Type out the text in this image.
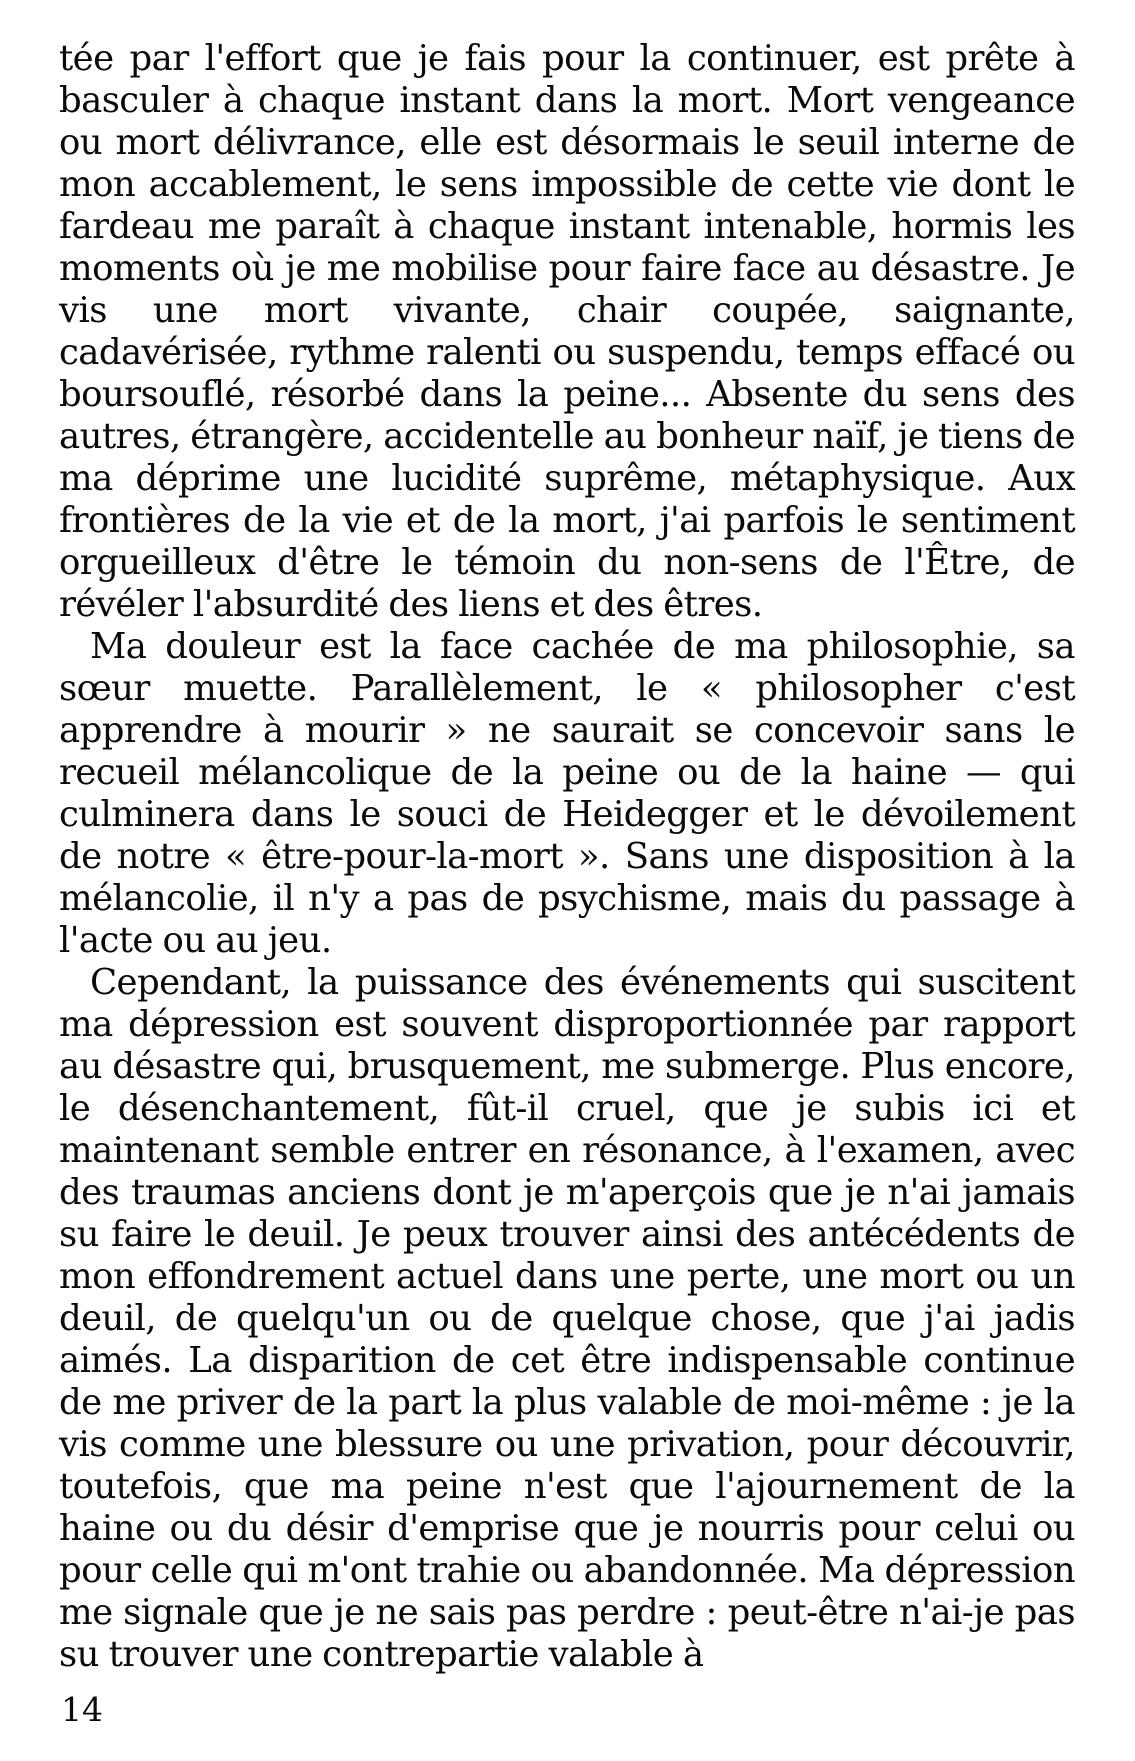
tée par l'effort que je fais pour la continuer, est prête à basculer à chaque instant dans la mort. Mort vengeance ou mort délivrance, elle est désormais le seuil interne de mon accablement, le sens impossible de cette vie dont le fardeau me paraît à chaque instant intenable, hormis les moments où je me mobilise pour faire face au désastre. Je vis une mort vivante, chair coupée, saignante, cadavérisée, rythme ralenti ou suspendu, temps effacé ou boursouflé, résorbé dans la peine... Absente du sens des autres, étrangère, accidentelle au bonheur naïf, je tiens de ma déprime une lucidité suprême, métaphysique. Aux frontières de la vie et de la mort, j'ai parfois le sentiment orgueilleux d'être le témoin du non-sens de l'Être, de révéler l'absurdité des liens et des êtres.

Ma douleur est la face cachée de ma philosophie, sa sœur muette. Parallèlement, le « philosopher c'est apprendre à mourir » ne saurait se concevoir sans le recueil mélancolique de la peine ou de la haine — qui culminera dans le souci de Heidegger et le dévoilement de notre « être-pour-la-mort ». Sans une disposition à la mélancolie, il n'y a pas de psychisme, mais du passage à l'acte ou au jeu.

Cependant, la puissance des événements qui suscitent ma dépression est souvent disproportionnée par rapport au désastre qui, brusquement, me submerge. Plus encore, le désenchantement, fût-il cruel, que je subis ici et maintenant semble entrer en résonance, à l'examen, avec des traumas anciens dont je m'aperçois que je n'ai jamais su faire le deuil. Je peux trouver ainsi des antécédents de mon effondrement actuel dans une perte, une mort ou un deuil, de quelqu'un ou de quelque chose, que j'ai jadis aimés. La disparition de cet être indispensable continue de me priver de la part la plus valable de moi-même : je la vis comme une blessure ou une privation, pour découvrir, toutefois, que ma peine n'est que l'ajournement de la haine ou du désir d'emprise que je nourris pour celui ou pour celle qui m'ont trahie ou abandonnée. Ma dépression me signale que je ne sais pas perdre : peut-être n'ai-je pas su trouver une contrepartie valable à

14
